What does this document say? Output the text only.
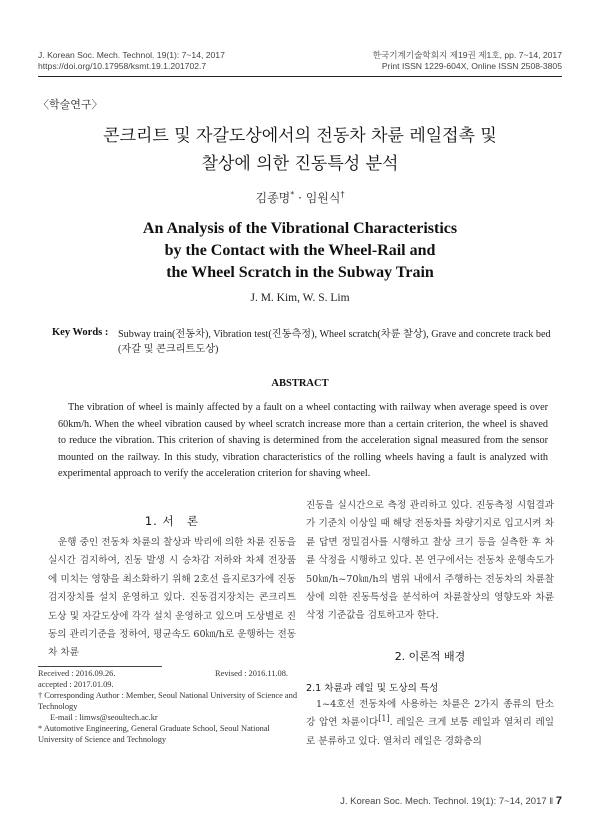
J. Korean Soc. Mech. Technol. 19(1): 7~14, 2017
https://doi.org/10.17958/ksmt.19.1.201702.7
한국기계기술학회지 제19권 제1호, pp. 7~14, 2017
Print ISSN 1229-604X, Online ISSN 2508-3805
〈학술연구〉
콘크리트 및 자갈도상에서의 전동차 차륜 레일접촉 및
찰상에 의한 진동특성 분석
김종명* · 임원식†
An Analysis of the Vibrational Characteristics
by the Contact with the Wheel-Rail and
the Wheel Scratch in the Subway Train
J. M. Kim, W. S. Lim
Key Words : Subway train(전동차), Vibration test(진동측정), Wheel scratch(차륜 찰상), Grave and concrete track bed (자갈 및 콘크리트도상)
ABSTRACT
The vibration of wheel is mainly affected by a fault on a wheel contacting with railway when average speed is over 60km/h. When the wheel vibration caused by wheel scratch increase more than a certain criterion, the wheel is shaved to reduce the vibration. This criterion of shaving is determined from the acceleration signal measured from the sensor mounted on the railway. In this study, vibration characteristics of the rolling wheels having a fault is analyzed with experimental approach to verify the acceleration criterion for shaving wheel.
1. 서　론
운행 중인 전동차 차륜의 찰상과 박리에 의한 차륜 진동을 실시간 검지하여, 진동 발생 시 승차감 저하와 차체 전장품에 미치는 영향을 최소화하기 위해 2호선 을지로3가에 진동검지장치를 설치 운영하고 있다. 진동검지장치는 콘크리트도상 및 자갈도상에 각각 설치 운영하고 있으며 도상별로 진동의 관리기준을 정하여, 평균속도 60㎞/h로 운행하는 전동차 차륜
Received : 2016.09.26.	Revised : 2016.11.08.
accepted : 2017.01.09.
† Corresponding Author : Member, Seoul National University of Science and Technology
E-mail : limws@seoultech.ac.kr
* Automotive Engineering, General Graduate School, Seoul National University of Science and Technology
진동을 실시간으로 측정 관리하고 있다. 진동측정 시험결과가 기준치 이상일 때 해당 전동차를 차량기지로 입고시켜 차륜 답면 정밀검사를 시행하고 찰상 크기 등을 실측한 후 차륜 삭정을 시행하고 있다. 본 연구에서는 전동차 운행속도가 50㎞/h~70㎞/h의 범위 내에서 주행하는 전동차의 차륜찰상에 의한 진동특성을 분석하여 차륜찰상의 영향도와 차륜 삭정 기준값을 검토하고자 한다.
2. 이론적 배경
2.1 차륜과 레일 및 도상의 특성
1~4호선 전동차에 사용하는 차륜은 2가지 종류의 탄소강 압연 차륜이다[1]. 레일은 크게 보통 레일과 열처리 레일로 분류하고 있다. 열처리 레일은 경화층의
J. Korean Soc. Mech. Technol. 19(1): 7~14, 2017 ‖ 7
